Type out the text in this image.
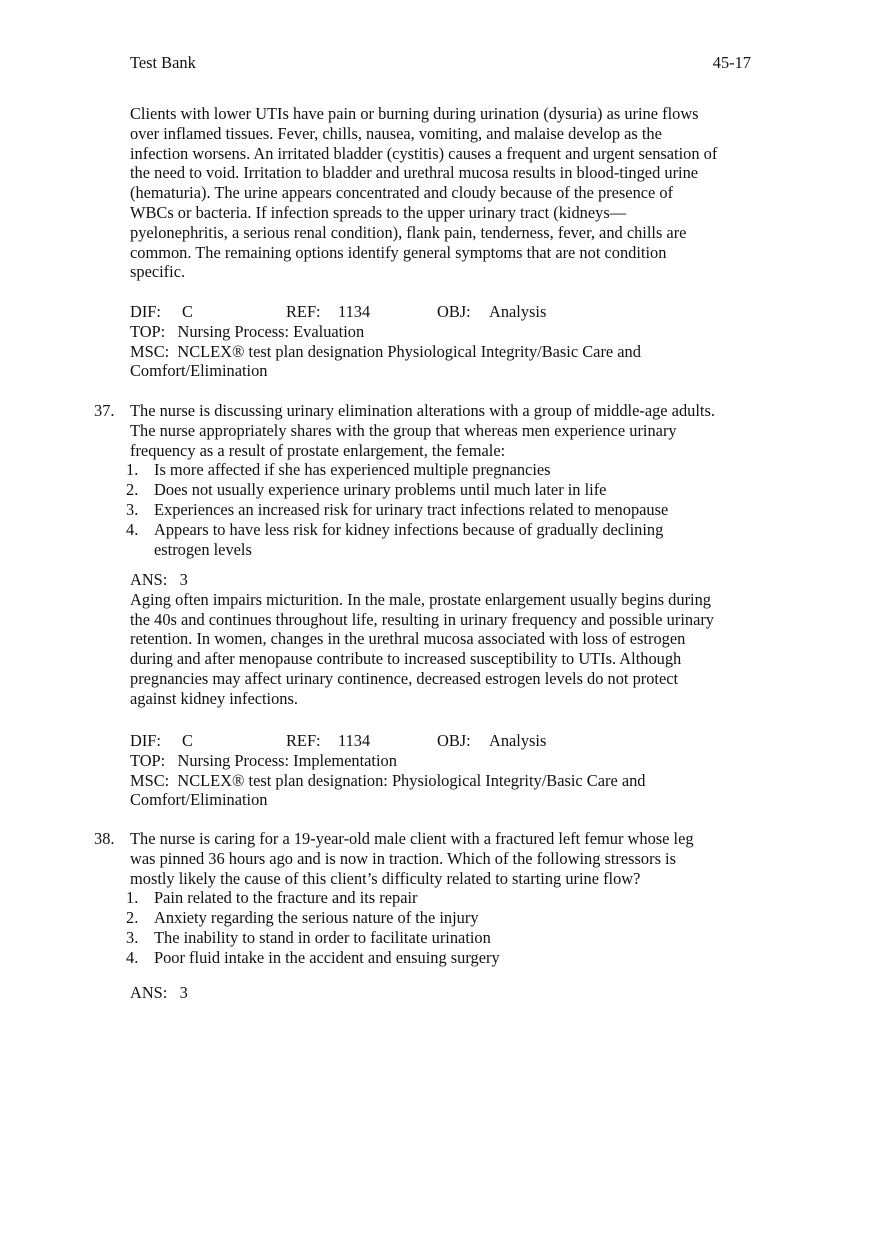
Test Bank	45-17
Clients with lower UTIs have pain or burning during urination (dysuria) as urine flows
over inflamed tissues. Fever, chills, nausea, vomiting, and malaise develop as the
infection worsens. An irritated bladder (cystitis) causes a frequent and urgent sensation of
the need to void. Irritation to bladder and urethral mucosa results in blood-tinged urine
(hematuria). The urine appears concentrated and cloudy because of the presence of
WBCs or bacteria. If infection spreads to the upper urinary tract (kidneys—
pyelonephritis, a serious renal condition), flank pain, tenderness, fever, and chills are
common. The remaining options identify general symptoms that are not condition
specific.
DIF: C	REF: 1134	OBJ: Analysis TOP:   Nursing Process: Evaluation MSC:  NCLEX® test plan designation Physiological Integrity/Basic Care and Comfort/Elimination
37. The nurse is discussing urinary elimination alterations with a group of middle-age adults.
The nurse appropriately shares with the group that whereas men experience urinary
frequency as a result of prostate enlargement, the female:
1. Is more affected if she has experienced multiple pregnancies
2. Does not usually experience urinary problems until much later in life
3. Experiences an increased risk for urinary tract infections related to menopause
4. Appears to have less risk for kidney infections because of gradually declining
estrogen levels
ANS:   3
Aging often impairs micturition. In the male, prostate enlargement usually begins during
the 40s and continues throughout life, resulting in urinary frequency and possible urinary
retention. In women, changes in the urethral mucosa associated with loss of estrogen
during and after menopause contribute to increased susceptibility to UTIs. Although
pregnancies may affect urinary continence, decreased estrogen levels do not protect
against kidney infections.
DIF: C	REF: 1134	OBJ: Analysis TOP:   Nursing Process: Implementation MSC:  NCLEX® test plan designation: Physiological Integrity/Basic Care and Comfort/Elimination
38. The nurse is caring for a 19-year-old male client with a fractured left femur whose leg
was pinned 36 hours ago and is now in traction. Which of the following stressors is
mostly likely the cause of this client’s difficulty related to starting urine flow?
1. Pain related to the fracture and its repair
2. Anxiety regarding the serious nature of the injury
3. The inability to stand in order to facilitate urination
4. Poor fluid intake in the accident and ensuing surgery
ANS:   3
